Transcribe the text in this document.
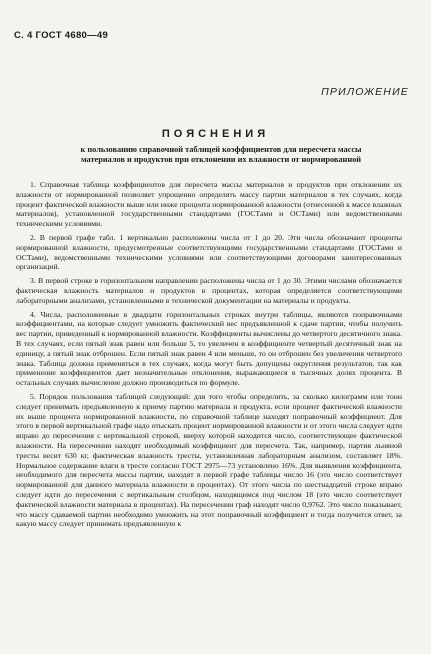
С. 4 ГОСТ 4680—49
ПРИЛОЖЕНИЕ
ПОЯСНЕНИЯ
к пользованию справочной таблицей коэффициентов для пересчета массы материалов и продуктов при отклонении их влажности от нормированной

1. Справочная таблица коэффициентов для пересчета массы материалов и продуктов при отклонении их влажности от нормированной позволяет упрощенно определять массу партии материалов в тех случаях, когда процент фактической влажности выше или ниже процента нормированной влажности (отнесенной к массе влажных материалов), установленной государственными стандартами (ГОСТами и ОСТами) или ведомственными техническими условиями.

2. В первой графе табл. 1 вертикально расположены числа от 1 до 20. Эти числа обозначают проценты нормированной влажности, предусмотренные соответствующими государственными стандартами (ГОСТами и ОСТами), ведомственными техническими условиями или соответствующими договорами заинтересованных организаций.

3. В первой строке в горизонтальном направлении расположены числа от 1 до 30. Этими числами обозначается фактическая влажность материалов и продуктов в процентах, которая определяется соответствующими лабораторными анализами, установленными в технической документации на материалы и продукты.

4. Числа, расположенные в двадцати горизонтальных строках внутри таблицы, являются поправочными коэффициентами, на которые следует умножить фактический вес предъявленной к сдаче партии, чтобы получить вес партии, приведенный к нормированной влажности. Коэффициенты вычислены до четвертого десятичного знака. В тех случаях, если пятый знак равен или больше 5, то увеличен в коэффициенте четвертый десятичный знак на единицу, а пятый знак отброшен. Если пятый знак равен 4 или меньше, то он отброшен без увеличения четвертого знака. Таблица должна применяться в тех случаях, когда могут быть допущены округления результатов, так как применение коэффициентов дает незначительные отклонения, выражающиеся в тысячных долях процента. В остальных случаях вычисление должно производиться по формуле.

5. Порядок пользования таблицей следующий: для того чтобы определить, за сколько килограмм или тонн следует принимать предъявленную к приему партию материала и продукта, если процент фактической влажности их выше процента нормированной влажности, по справочной таблице находят поправочный коэффициент. Для этого в первой вертикальной графе надо отыскать процент нормированной влажности и от этого числа следует идти вправо до пересечения с вертикальной строкой, вверху которой находится число, соответствующее фактической влажности. На пересечении находят необходимый коэффициент для пересчета. Так, например, партия льняной тресты весит 630 кг, фактическая влажность тресты, установленная лабораторным анализом, составляет 18%. Нормальное содержание влаги в тресте согласно ГОСТ 2975—73 установлено 16%. Для выявления коэффициента, необходимого для пересчета массы партии, находят в первой графе таблицы число 16 (это число соответствует нормированной для данного материала влажности в процентах). От этого числа по шестнадцатой строке вправо следует идти до пересечения с вертикальным столбцом, находящимся под числом 18 (это число соответствует фактической влажности материала в процентах). На пересечении граф находят число 0,9762. Это число показывает, что массу сдаваемой партии необходимо умножить на этот поправочный коэффициент и тогда получится ответ, за какую массу следует принимать предъявленную к
